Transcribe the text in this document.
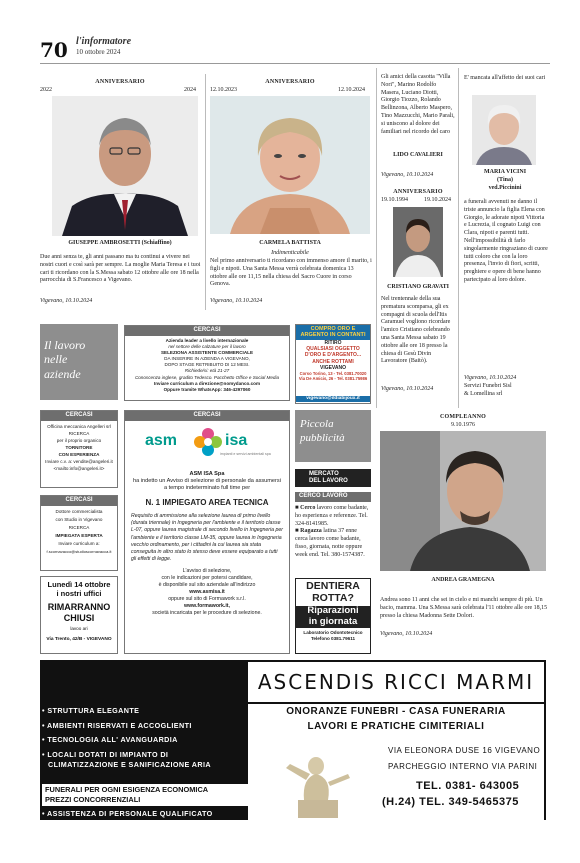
70 l'informatore
10 ottobre 2024
ANNIVERSARIO
2022	2024
GIUSEPPE AMBROSETTI (Schiaffino)
Due anni senza te, gli anni passano ma tu continui a vivere nei nostri cuori e così sarà per sempre. La moglie Maria Teresa e i tuoi cari ti ricordano con la S.Messa sabato 12 ottobre alle ore 18 nella parrocchia di S.Francesco a Vigevano.
Vigevano, 10.10.2024
ANNIVERSARIO
12.10.2023	12.10.2024
CARMELA BATTISTA
Indimenticabile
Nel primo anniversario ti ricordano con immenso amore il marito, i figli e nipoti. Una Santa Messa verrà celebrata domenica 13 ottobre alle ore 11,15 nella chiesa del Sacro Cuore in corso Genova.
Vigevano, 10.10.2024
Gli amici della casotta "Villa Nori", Marino Rodolfo Masera, Luciano Diotti, Giorgio Tiozzo, Rolando Bellinzona, Alberto Maspero, Tino Mazzucchi, Mario Parali, si uniscono al dolore dei familiari nel ricordo del caro
LIDO CAVALIERI
Vigevano, 10.10.2024
ANNIVERSARIO
19.10.1994	19.10.2024
CRISTIANO GRAVATI
Nel trentennale della sua prematura scomparsa, gli ex compagni di scuola dell'Itis Caramuel vogliono ricordare l'amico Cristiano celebrando una Santa Messa sabato 19 ottobre alle ore 18 presso la chiesa di Gesù Divin Lavoratore (Baitò).
Vigevano, 10.10.2024
E' mancata all'affetto dei suoi cari
MARIA VICINI
(Tina)
ved.Piccinini
a funerali avvenuti ne danno il triste annuncio la figlia Elena con Giorgio, le adorate nipoti Vittoria e Lucrezia, il cognato Luigi con Clara, nipoti e parenti tutti. Nell'impossibilità di farlo singolarmente ringraziano di cuore tutti coloro che con la loro presenza, l'invio di fiori, scritti, preghiere e opere di bene hanno partecipato al loro dolore.
Vigevano, 10.10.2024
Servizi Funebri Sisl
& Lomellina srl
Il lavoro
nelle
aziende
CERCASI
Azienda leader a livello internazionale
nel settore delle calzature per il lavoro
SELEZIONA ASSISTENTE COMMERCIALE
DA INSERIRE IN AZIENDA A VIGEVANO,
DOPO STAGE RETRIBUITO DI 12 MESI.
Richiede/si: età 21-27
Conoscenza inglese, gradito Tedesco. Pacchetto Office e Social Media
Inviare curriculum a direzione@nomydanco.com
Oppure tramite WhatsApp: 346-4297060
COMPRO ORO E
ARGENTO IN CONTANTI
RITIRO
QUALSIASI OGGETTO
D'ORO E D'ARGENTO...
ANCHE ROTTAMI
VIGEVANO
Corso Torino, 13 - Tel. 0381.70020
Via De Amicis, 26 - Tel. 0381.75986
vigevano@ildiabijoux.it
CERCASI
Officina meccanica Angelleri srl
RICERCA
per il proprio organico
TORNITORE
CON ESPERIENZA
Inviare c.v. a: vendite@angeleri.it
<mailto:info@angeleri.it>
CERCASI
Dottore commercialista
con Studio in Vigevano
RICERCA
IMPIEGATA ESPERTA
Inviare curriculum a:
f.scornavacco@studioscornavacca.it
Lunedì 14 ottobre
i nostri uffici
RIMARRANNO
CHIUSI
lavoo ari
Via Trento, 42/B - VIGEVANO
CERCASI
asm	isa
impianti e servizi ambientali spa
ASM ISA Spa
ha indetto un Avviso di selezione di personale da assumersi a tempo indeterminato full time per
N. 1 IMPIEGATO AREA TECNICA
Requisito di ammissione alla selezione laurea di primo livello (durata triennale) in Ingegneria per l'ambiente e il territorio classe L-07, oppure laurea magistrale di secondo livello in Ingegneria per l'ambiente e il territorio classe LM-35, oppure laurea in Ingegneria vecchio ordinamento, per i cittadini la cui laurea sia stata conseguita in altro stato lo stesso deve essere equiparato a tutti gli effetti di legge.
L'avviso di selezione,
con le indicazioni per potersi candidare,
è disponibile sul sito aziendale all'indirizzo
www.asmisa.it
oppure sul sito di Formawork s.r.l.
www.formawork.it,
società incaricata per le procedure di selezione.
Piccola
pubblicità
MERCATO
DEL LAVORO
CERCO LAVORO
■ Cerco lavoro come badante, ho esperienza e referenze. Tel. 324-8141985.
■ Ragazza latina 37 enne cerca lavoro come badante, fisso, giornata, notte oppure week end. Tel. 380-1574387.
DENTIERA
ROTTA?
Riparazioni
in giornata
Laboratorio Odontotecnico
Telefono 0381.79611
COMPLEANNO
9.10.1976
ANDREA GRAMEGNA
Andrea sono 11 anni che sei in cielo e mi manchi sempre di più. Un bacio, mamma. Una S.Messa sarà celebrata l'11 ottobre alle ore 18,15 presso la chiesa Madonna Sette Dolori.
Vigevano, 10.10.2024
ASCENDIS RICCI MARMI
ONORANZE FUNEBRI - CASA FUNERARIA
LAVORI E PRATICHE CIMITERIALI
VIA ELEONORA DUSE 16 VIGEVANO
PARCHEGGIO INTERNO VIA PARINI
TEL. 0381- 643005
(H.24) TEL. 349-5465375
• STRUTTURA ELEGANTE
• AMBIENTI RISERVATI E ACCOGLIENTI
• TECNOLOGIA ALL' AVANGUARDIA
• LOCALI DOTATI DI IMPIANTO DI
CLIMATIZZAZIONE E SANIFICAZIONE ARIA
FUNERALI PER OGNI ESIGENZA ECONOMICA
PREZZI CONCORRENZIALI
• ASSISTENZA DI PERSONALE QUALIFICATO
